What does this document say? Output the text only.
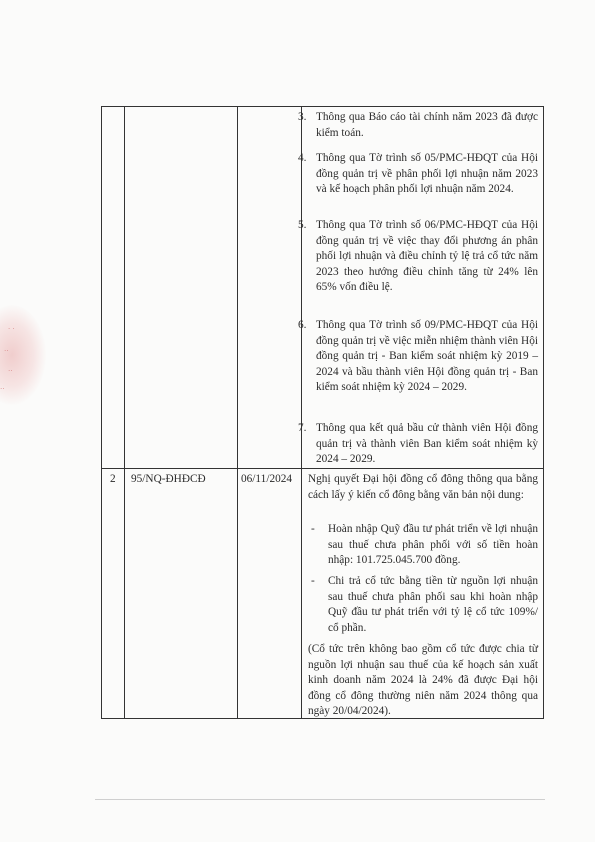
· ·
‥
‥
‥
3. Thông qua Báo cáo tài chính năm 2023 đã được kiểm toán.
4. Thông qua Tờ trình số 05/PMC-HĐQT của Hội đồng quản trị về phân phối lợi nhuận năm 2023 và kế hoạch phân phối lợi nhuận năm 2024.
5. Thông qua Tờ trình số 06/PMC-HĐQT của Hội đồng quản trị về việc thay đổi phương án phân phối lợi nhuận và điều chỉnh tỷ lệ trả cổ tức năm 2023 theo hướng điều chỉnh tăng từ 24% lên 65% vốn điều lệ.
6. Thông qua Tờ trình số 09/PMC-HĐQT của Hội đồng quản trị về việc miễn nhiệm thành viên Hội đồng quản trị - Ban kiểm soát nhiệm kỳ 2019 – 2024 và bầu thành viên Hội đồng quản trị - Ban kiểm soát nhiệm kỳ 2024 – 2029.
7. Thông qua kết quả bầu cử thành viên Hội đồng quản trị và thành viên Ban kiểm soát nhiệm kỳ 2024 – 2029.
2 95/NQ-ĐHĐCĐ	06/11/2024 Nghị quyết Đại hội đồng cổ đông thông qua bằng cách lấy ý kiến cổ đông bằng văn bản nội dung:
- Hoàn nhập Quỹ đầu tư phát triển về lợi nhuận sau thuế chưa phân phối với số tiền hoàn nhập: 101.725.045.700 đồng.
- Chi trả cổ tức bằng tiền từ nguồn lợi nhuận sau thuế chưa phân phối sau khi hoàn nhập Quỹ đầu tư phát triển với tỷ lệ cổ tức 109%/ cổ phần.
(Cổ tức trên không bao gồm cổ tức được chia từ nguồn lợi nhuận sau thuế của kế hoạch sản xuất kinh doanh năm 2024 là 24% đã được Đại hội đồng cổ đông thường niên năm 2024 thông qua ngày 20/04/2024).
